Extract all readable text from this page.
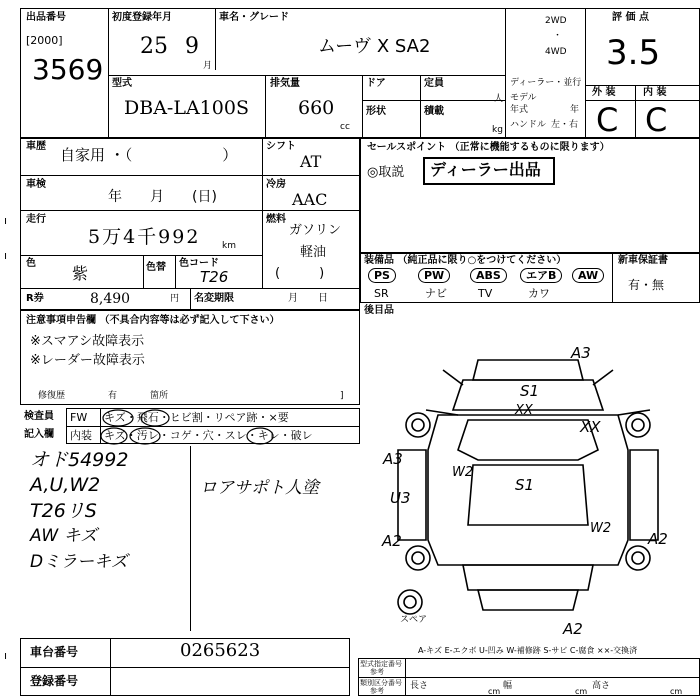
出品番号
[2000]
3569
初度登録年月
25 9
月
車名・グレード
ムーヴ X SA2
2WD
・
4WD
評 価 点
3.5
型式
DBA-LA100S
排気量
660
cc
ドア	定員
人
形状	積載
kg
ディーラー・並行
モデル
年式	年
ハンドル 左・右
外 装	内 装
C C
車歴 自家用 ・（　　　　　　）	シフト
AT
車検
年　　月　　(日)
冷房
AAC
走行
5万4千992 km
燃料
ガソリン
軽油
(　　　)
色
紫	色替 色コード
T26
R券	8,490	円 名変期限	月　　日
セールスポイント （正常に機能するものに限ります）
◎取説 ディーラー出品
装備品 （純正品に限り○をつけてください）	新車保証書
有・無
PS	PW	ABS	エアB	AW
SR	ナビ	TV	カワ
後目品
注意事項申告欄 （不具合内容等は必ず記入して下さい）
※スマアシ故障表示
※レーダー故障表示
修復歴	有	箇所	]
検査員
記入欄
FW キズ・飛石・ヒビ割・リペア跡・×要
内装 キズ・汚レ・コゲ・穴・スレ・キレ・破レ
オド54992
A,U,W2
T26リS
AW キズ
Dミラーキズ
ロアサポト人塗
A3
S1
XX
XX
A3
W2
S1
U3
A2
W2
A2
A2
スペア
車台番号	0265623
登録番号
A-キズ E-エクボ U-凹み W-補修跡 S-サビ C-腐食 ××-交換済
型式指定番号
参考
類別区分番号
参考	長さ
cm
幅
cm
高さ
cm
ı
ı
ı
